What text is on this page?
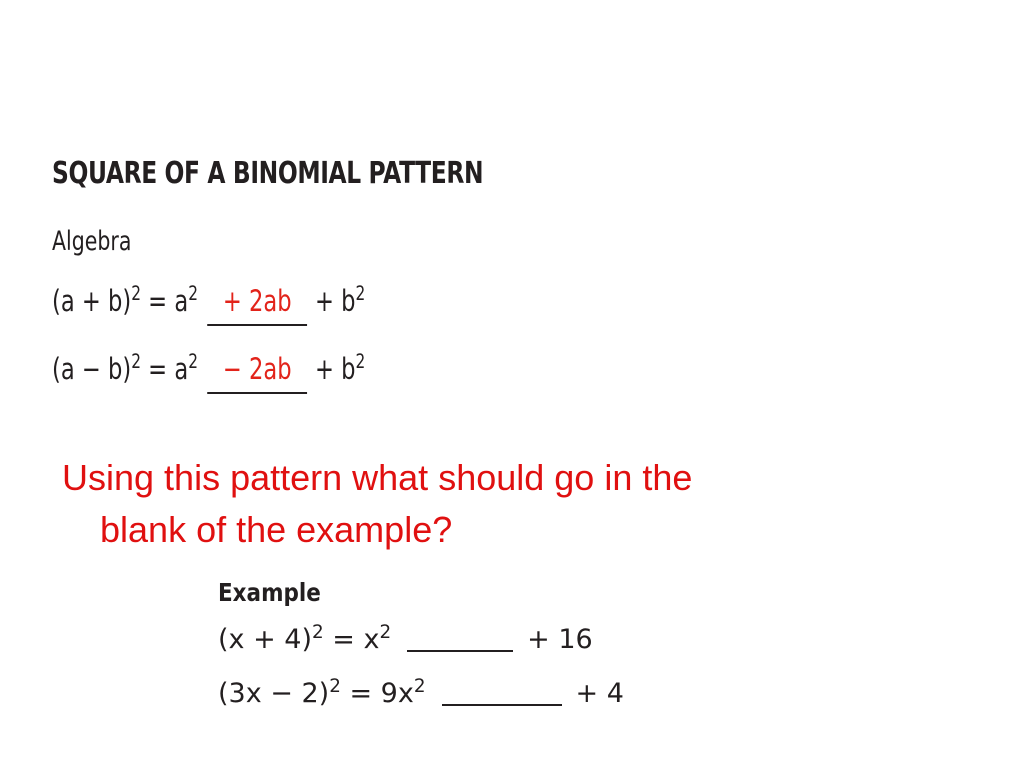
SQUARE OF A BINOMIAL PATTERN
Algebra
$(a + b)^2 = a^2 + 2ab + b^2$
$(a - b)^2 = a^2 - 2ab + b^2$
Using this pattern what should go in the
blank of the example?
Example
$(x + 4)^2 = x^2$	+ 16
$(3x - 2)^2 = 9x^2$	+ 4
